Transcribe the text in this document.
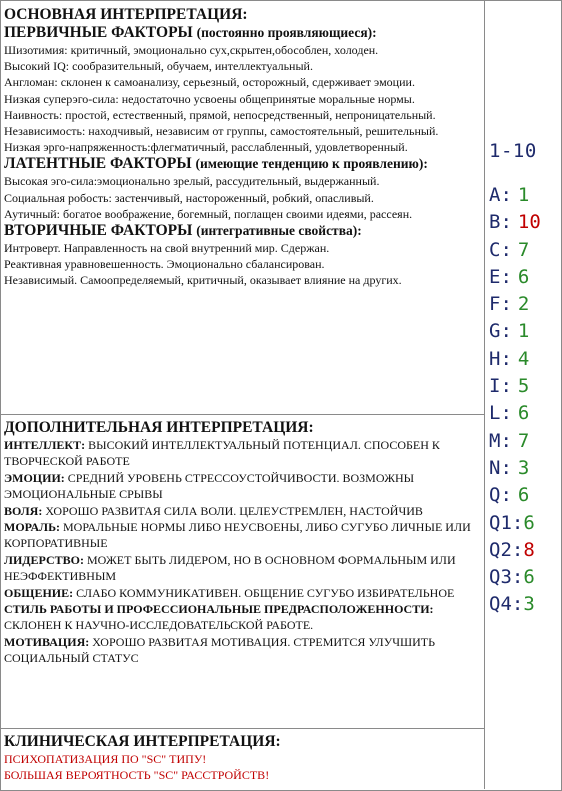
ОСНОВНАЯ ИНТЕРПРЕТАЦИЯ:
ПЕРВИЧНЫЕ ФАКТОРЫ (постоянно проявляющиеся):
Шизотимия: критичный, эмоционально сух,скрытен,обособлен, холоден.
Высокий IQ: сообразительный, обучаем, интеллектуальный.
Англоман: склонен к самоанализу, серьезный, осторожный, сдерживает эмоции.
Низкая суперэго-сила: недостаточно усвоены общепринятые моральные нормы.
Наивность: простой, естественный, прямой, непосредственный, непроницательный.
Независимость: находчивый, независим от группы, самостоятельный, решительный.
Низкая эрго-напряженность:флегматичный, расслабленный, удовлетворенный.
ЛАТЕНТНЫЕ ФАКТОРЫ (имеющие тенденцию к проявлению):
Высокая эго-сила:эмоционально зрелый, рассудительный, выдержанный.
Социальная робость: застенчивый, настороженный, робкий, опасливый.
Аутичный: богатое воображение, богемный, поглащен своими идеями, рассеян.
ВТОРИЧНЫЕ ФАКТОРЫ (интегративные свойства):
Интроверт. Направленность на свой внутренний мир. Сдержан.
Реактивная уравновешенность. Эмоционально сбалансирован.
Независимый. Самоопределяемый, критичный, оказывает влияние на других.
ДОПОЛНИТЕЛЬНАЯ ИНТЕРПРЕТАЦИЯ:
ИНТЕЛЛЕКТ: ВЫСОКИЙ ИНТЕЛЛЕКТУАЛЬНЫЙ ПОТЕНЦИАЛ. СПОСОБЕН К ТВОРЧЕСКОЙ РАБОТЕ
ЭМОЦИИ: СРЕДНИЙ УРОВЕНЬ СТРЕССОУСТОЙЧИВОСТИ. ВОЗМОЖНЫ ЭМОЦИОНАЛЬНЫЕ СРЫВЫ
ВОЛЯ: ХОРОШО РАЗВИТАЯ СИЛА ВОЛИ. ЦЕЛЕУСТРЕМЛЕН, НАСТОЙЧИВ
МОРАЛЬ: МОРАЛЬНЫЕ НОРМЫ ЛИБО НЕУСВОЕНЫ, ЛИБО СУГУБО ЛИЧНЫЕ ИЛИ КОРПОРАТИВНЫЕ
ЛИДЕРСТВО: МОЖЕТ БЫТЬ ЛИДЕРОМ, НО В ОСНОВНОМ ФОРМАЛЬНЫМ ИЛИ НЕЭФФЕКТИВНЫМ
ОБЩЕНИЕ: СЛАБО КОММУНИКАТИВЕН. ОБЩЕНИЕ СУГУБО ИЗБИРАТЕЛЬНОЕ
СТИЛЬ РАБОТЫ И ПРОФЕССИОНАЛЬНЫЕ ПРЕДРАСПОЛОЖЕННОСТИ: СКЛОНЕН К НАУЧНО-ИССЛЕДОВАТЕЛЬСКОЙ РАБОТЕ.
МОТИВАЦИЯ: ХОРОШО РАЗВИТАЯ МОТИВАЦИЯ. СТРЕМИТСЯ УЛУЧШИТЬ СОЦИАЛЬНЫЙ СТАТУС
КЛИНИЧЕСКАЯ ИНТЕРПРЕТАЦИЯ:
ПСИХОПАТИЗАЦИЯ ПО "SC" ТИПУ!
БОЛЬШАЯ ВЕРОЯТНОСТЬ "SC" РАССТРОЙСТВ!
1-10
A: 1
B: 10
C: 7
E: 6
F: 2
G: 1
H: 4
I: 5
L: 6
M: 7
N: 3
Q: 6
Q1:6
Q2:8
Q3:6
Q4:3
